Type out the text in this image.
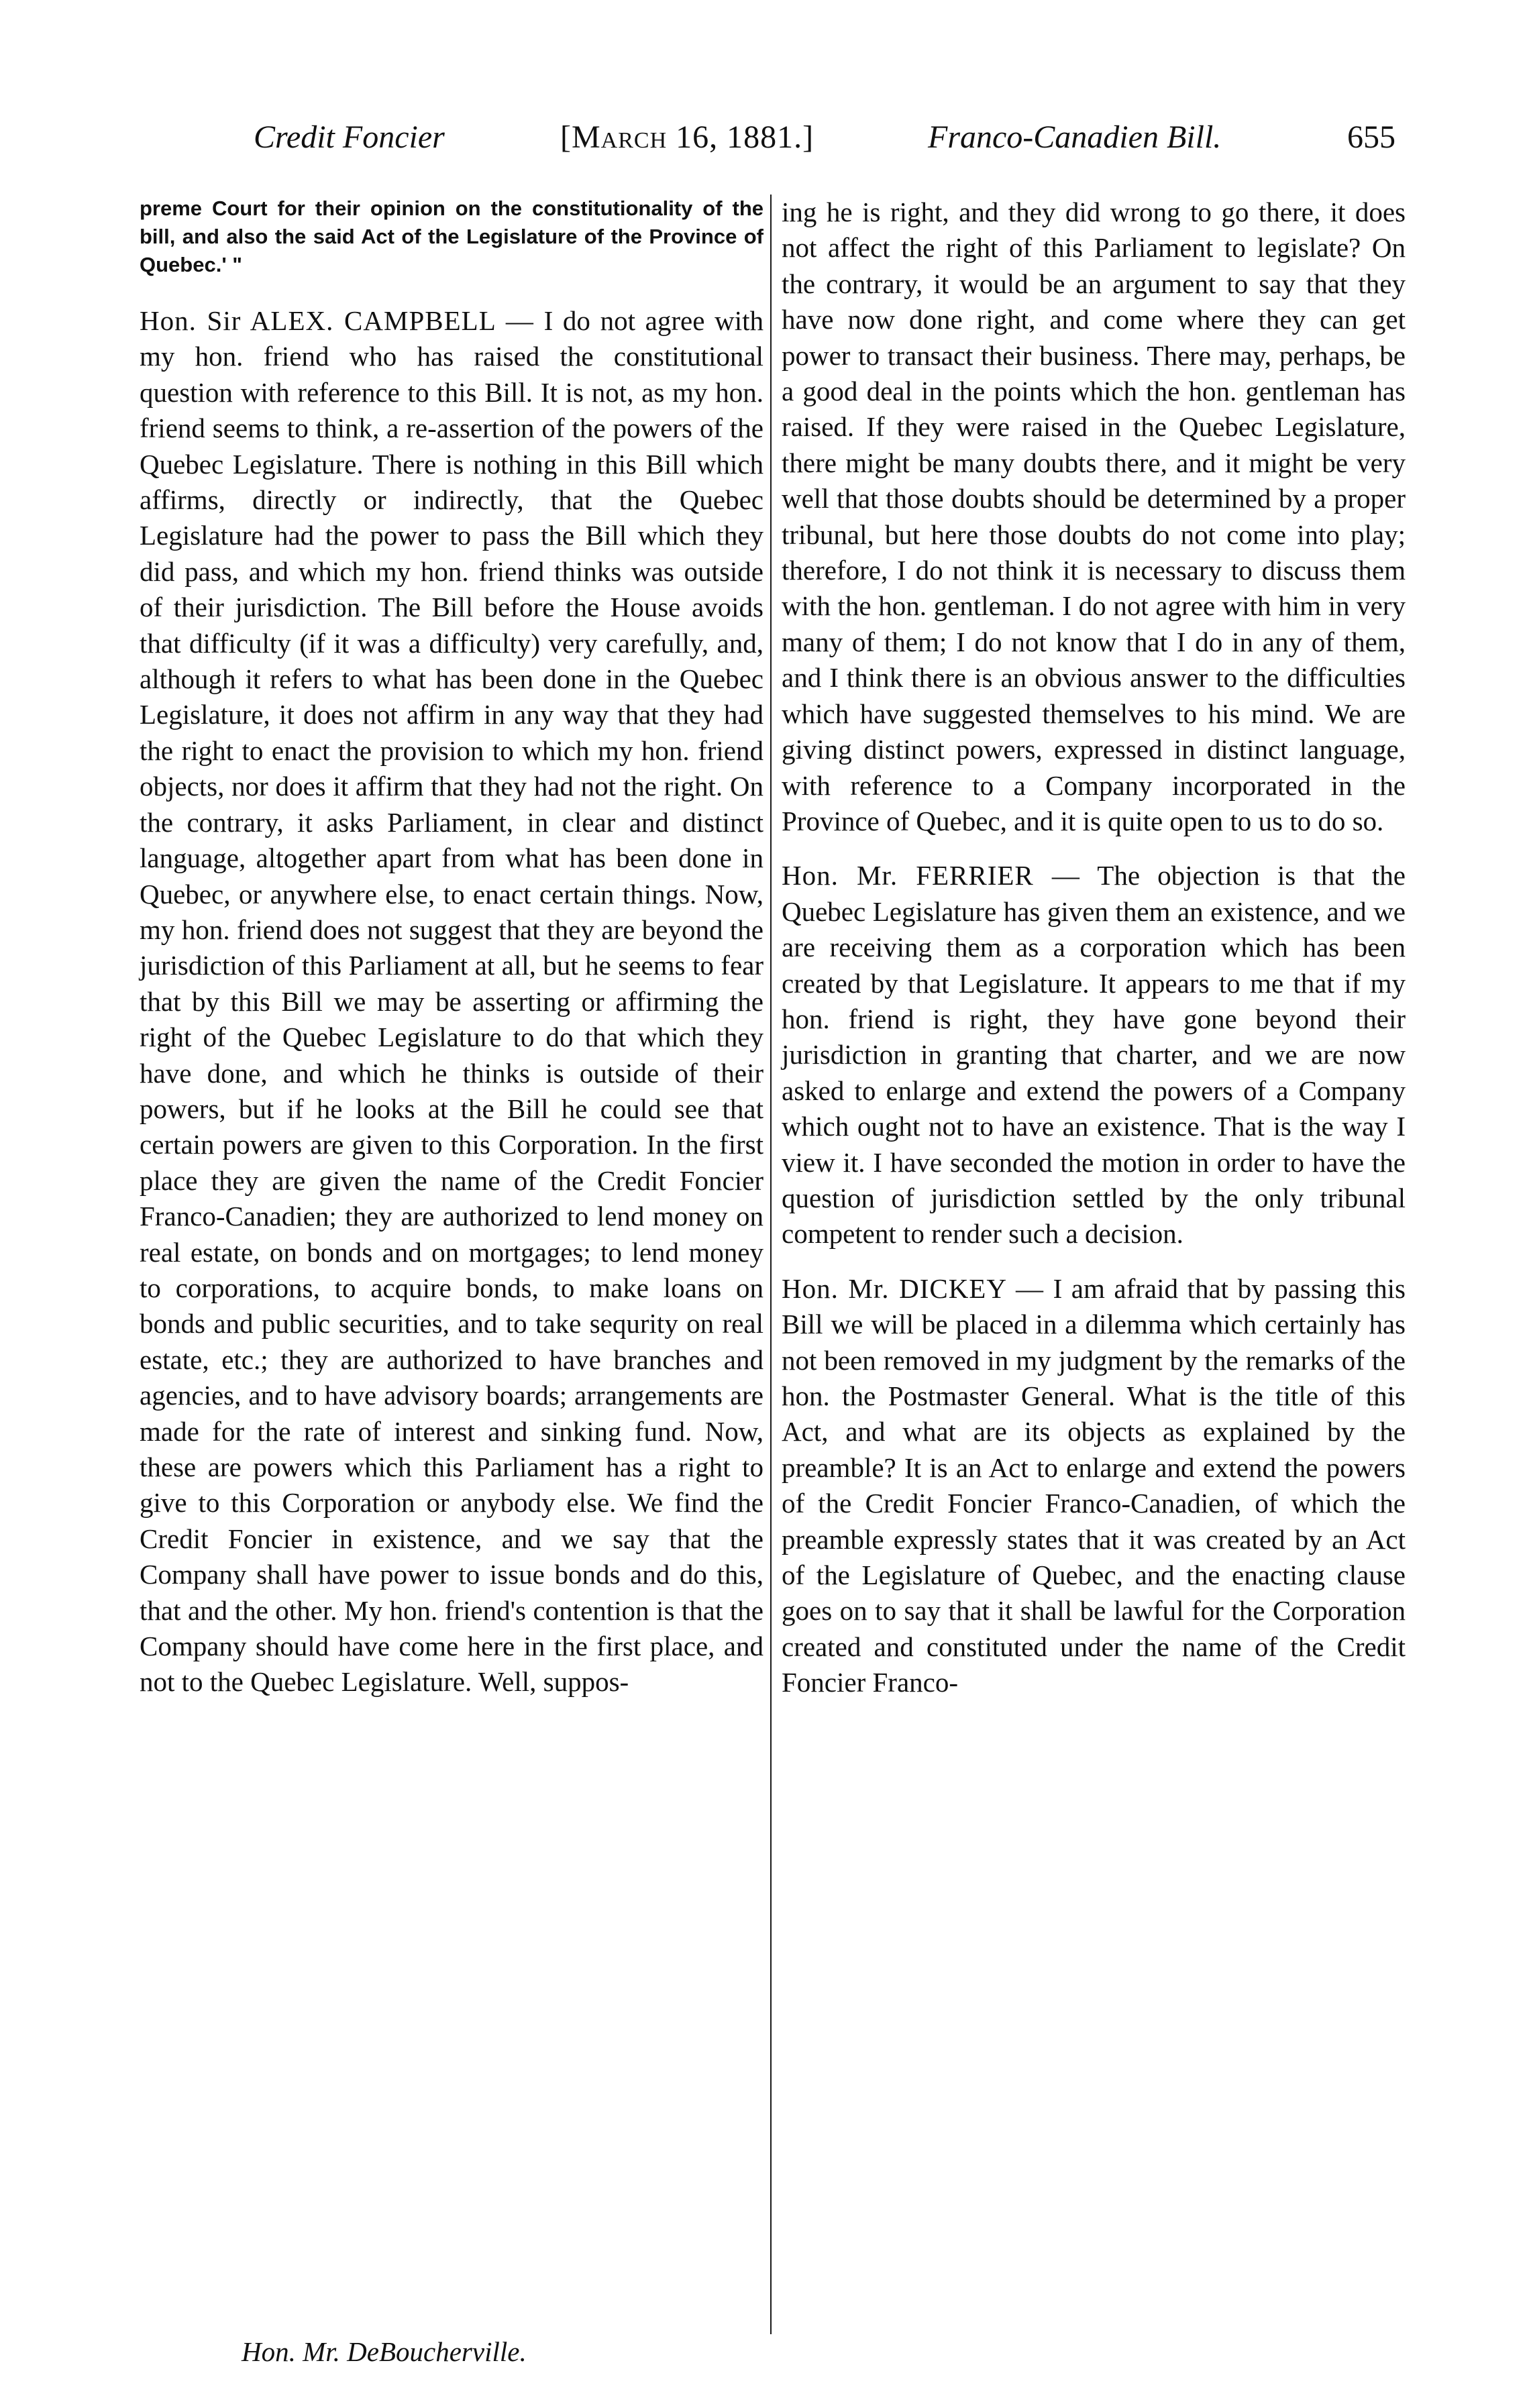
Credit Foncier	[March 16, 1881.]	Franco-Canadien Bill.	655

preme Court for their opinion on the constitutionality of the bill, and also the said Act of the Legislature of the Province of Quebec.' "

Hon. Sir ALEX. CAMPBELL — I do not agree with my hon. friend who has raised the constitutional question with reference to this Bill. It is not, as my hon. friend seems to think, a re-assertion of the powers of the Quebec Legislature. There is nothing in this Bill which affirms, directly or indirectly, that the Quebec Legislature had the power to pass the Bill which they did pass, and which my hon. friend thinks was outside of their jurisdiction. The Bill before the House avoids that difficulty (if it was a difficulty) very carefully, and, although it refers to what has been done in the Quebec Legislature, it does not affirm in any way that they had the right to enact the provision to which my hon. friend objects, nor does it affirm that they had not the right. On the contrary, it asks Parliament, in clear and distinct language, altogether apart from what has been done in Quebec, or anywhere else, to enact certain things. Now, my hon. friend does not suggest that they are beyond the jurisdiction of this Parliament at all, but he seems to fear that by this Bill we may be asserting or affirming the right of the Quebec Legislature to do that which they have done, and which he thinks is outside of their powers, but if he looks at the Bill he could see that certain powers are given to this Corporation. In the first place they are given the name of the Credit Foncier Franco-Canadien; they are authorized to lend money on real estate, on bonds and on mortgages; to lend money to corporations, to acquire bonds, to make loans on bonds and public securities, and to take sequrity on real estate, etc.; they are authorized to have branches and agencies, and to have advisory boards; arrangements are made for the rate of interest and sinking fund. Now, these are powers which this Parliament has a right to give to this Corporation or anybody else. We find the Credit Foncier in existence, and we say that the Company shall have power to issue bonds and do this, that and the other. My hon. friend's contention is that the Company should have come here in the first place, and not to the Quebec Legislature. Well, suppos-

ing he is right, and they did wrong to go there, it does not affect the right of this Parliament to legislate? On the contrary, it would be an argument to say that they have now done right, and come where they can get power to transact their business. There may, perhaps, be a good deal in the points which the hon. gentleman has raised. If they were raised in the Quebec Legislature, there might be many doubts there, and it might be very well that those doubts should be determined by a proper tribunal, but here those doubts do not come into play; therefore, I do not think it is necessary to discuss them with the hon. gentleman. I do not agree with him in very many of them; I do not know that I do in any of them, and I think there is an obvious answer to the difficulties which have suggested themselves to his mind. We are giving distinct powers, expressed in distinct language, with reference to a Company incorporated in the Province of Quebec, and it is quite open to us to do so.

Hon. Mr. FERRIER — The objection is that the Quebec Legislature has given them an existence, and we are receiving them as a corporation which has been created by that Legislature. It appears to me that if my hon. friend is right, they have gone beyond their jurisdiction in granting that charter, and we are now asked to enlarge and extend the powers of a Company which ought not to have an existence. That is the way I view it. I have seconded the motion in order to have the question of jurisdiction settled by the only tribunal competent to render such a decision.

Hon. Mr. DICKEY — I am afraid that by passing this Bill we will be placed in a dilemma which certainly has not been removed in my judgment by the remarks of the hon. the Postmaster General. What is the title of this Act, and what are its objects as explained by the preamble? It is an Act to enlarge and extend the powers of the Credit Foncier Franco-Canadien, of which the preamble expressly states that it was created by an Act of the Legislature of Quebec, and the enacting clause goes on to say that it shall be lawful for the Corporation created and constituted under the name of the Credit Foncier Franco-

Hon. Mr. DeBoucherville.
